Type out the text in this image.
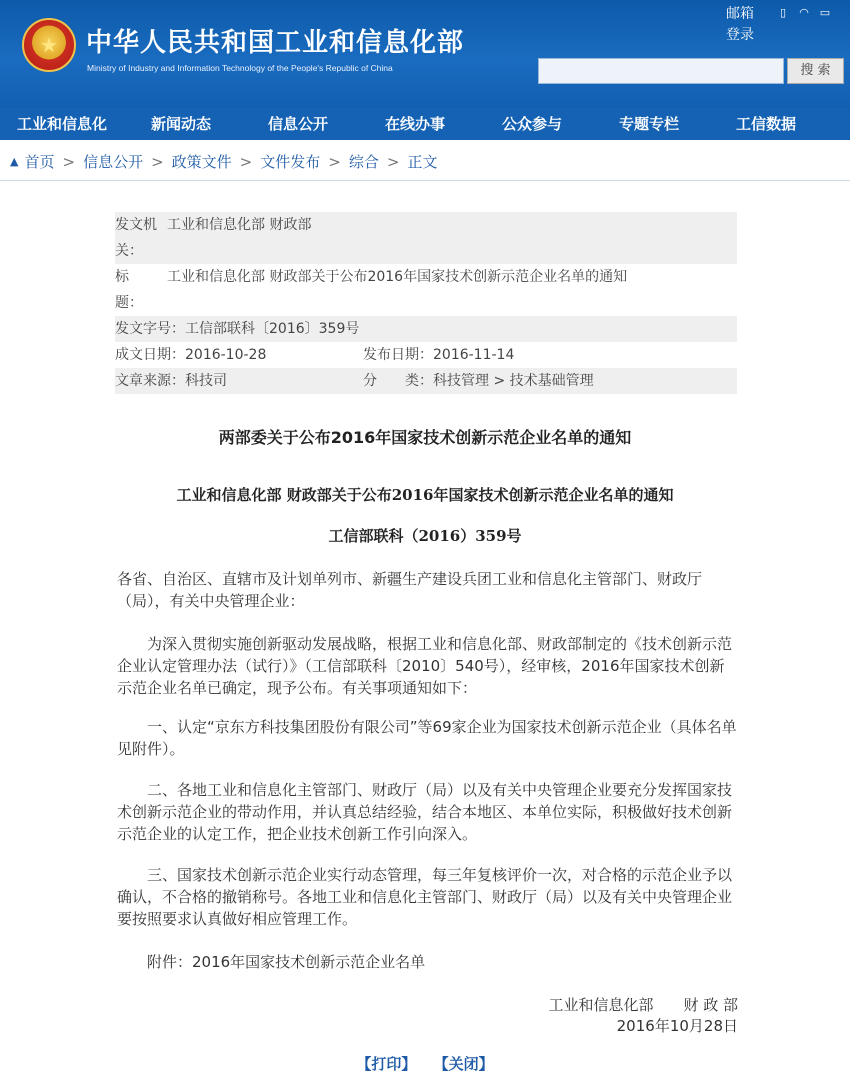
★	中华人民共和国工业和信息化部
Ministry of Industry and Information Technology of the People's Republic of China
邮箱
登录
▯	◠ ▭
搜 索
工业和信息化	新闻动态	信息公开	在线办事	公众参与	专题专栏	工信数据
▲ 首页 > 信息公开 > 政策文件 > 文件发布 > 综合 > 正文
发文机关：
工业和信息化部 财政部
标　　题：
工业和信息化部 财政部关于公布2016年国家技术创新示范企业名单的通知
发文字号： 工信部联科〔2016〕359号
成文日期： 2016-10-28	发布日期： 2016-11-14
文章来源： 科技司	分　　类： 科技管理 > 技术基础管理
两部委关于公布2016年国家技术创新示范企业名单的通知
工业和信息化部 财政部关于公布2016年国家技术创新示范企业名单的通知
工信部联科（2016）359号
各省、自治区、直辖市及计划单列市、新疆生产建设兵团工业和信息化主管部门、财政厅（局），有关中央管理企业：
为深入贯彻实施创新驱动发展战略，根据工业和信息化部、财政部制定的《技术创新示范企业认定管理办法（试行）》（工信部联科〔2010〕540号），经审核，2016年国家技术创新示范企业名单已确定，现予公布。有关事项通知如下：
一、认定“京东方科技集团股份有限公司”等69家企业为国家技术创新示范企业（具体名单见附件）。
二、各地工业和信息化主管部门、财政厅（局）以及有关中央管理企业要充分发挥国家技术创新示范企业的带动作用，并认真总结经验，结合本地区、本单位实际，积极做好技术创新示范企业的认定工作，把企业技术创新工作引向深入。
三、国家技术创新示范企业实行动态管理，每三年复核评价一次，对合格的示范企业予以确认，不合格的撤销称号。各地工业和信息化主管部门、财政厅（局）以及有关中央管理企业要按照要求认真做好相应管理工作。
附件：2016年国家技术创新示范企业名单
工业和信息化部　　财 政 部
2016年10月28日
【打印】 【关闭】
